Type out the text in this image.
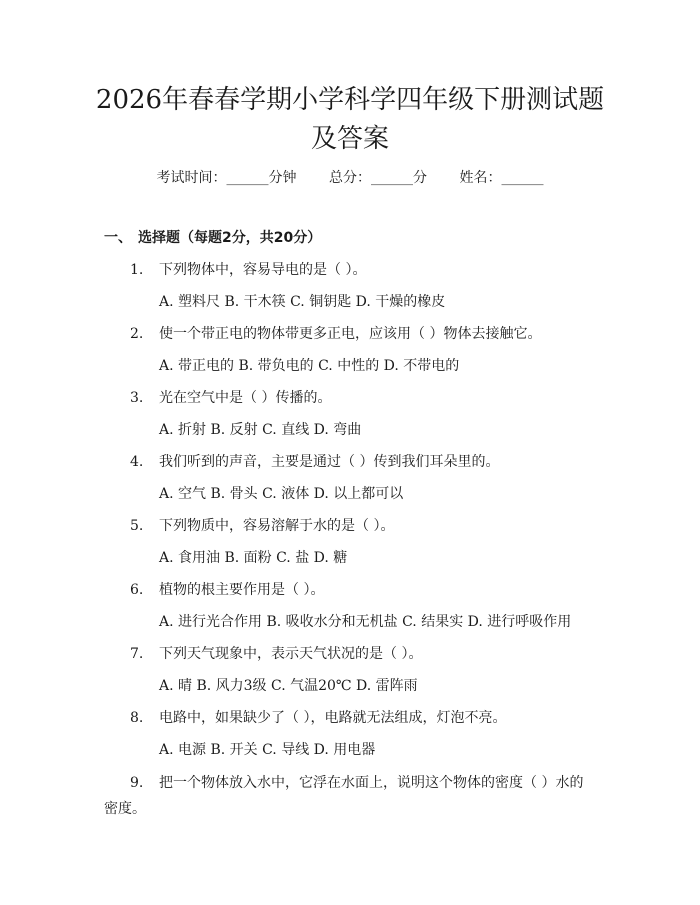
2026年春春学期小学科学四年级下册测试题
及答案
考试时间：______分钟 总分：______分 姓名：______
一、 选择题（每题2分，共20分）
1. 下列物体中，容易导电的是（ ）。
A. 塑料尺 B. 干木筷 C. 铜钥匙 D. 干燥的橡皮
2. 使一个带正电的物体带更多正电，应该用（ ）物体去接触它。
A. 带正电的 B. 带负电的 C. 中性的 D. 不带电的
3. 光在空气中是（ ）传播的。
A. 折射 B. 反射 C. 直线 D. 弯曲
4. 我们听到的声音，主要是通过（ ）传到我们耳朵里的。
A. 空气 B. 骨头 C. 液体 D. 以上都可以
5. 下列物质中，容易溶解于水的是（ ）。
A. 食用油 B. 面粉 C. 盐 D. 糖
6. 植物的根主要作用是（ ）。
A. 进行光合作用 B. 吸收水分和无机盐 C. 结果实 D. 进行呼吸作用
7. 下列天气现象中，表示天气状况的是（ ）。
A. 晴 B. 风力3级 C. 气温20℃ D. 雷阵雨
8. 电路中，如果缺少了（ ），电路就无法组成，灯泡不亮。
A. 电源 B. 开关 C. 导线 D. 用电器
9. 把一个物体放入水中，它浮在水面上，说明这个物体的密度（ ）水的密度。
